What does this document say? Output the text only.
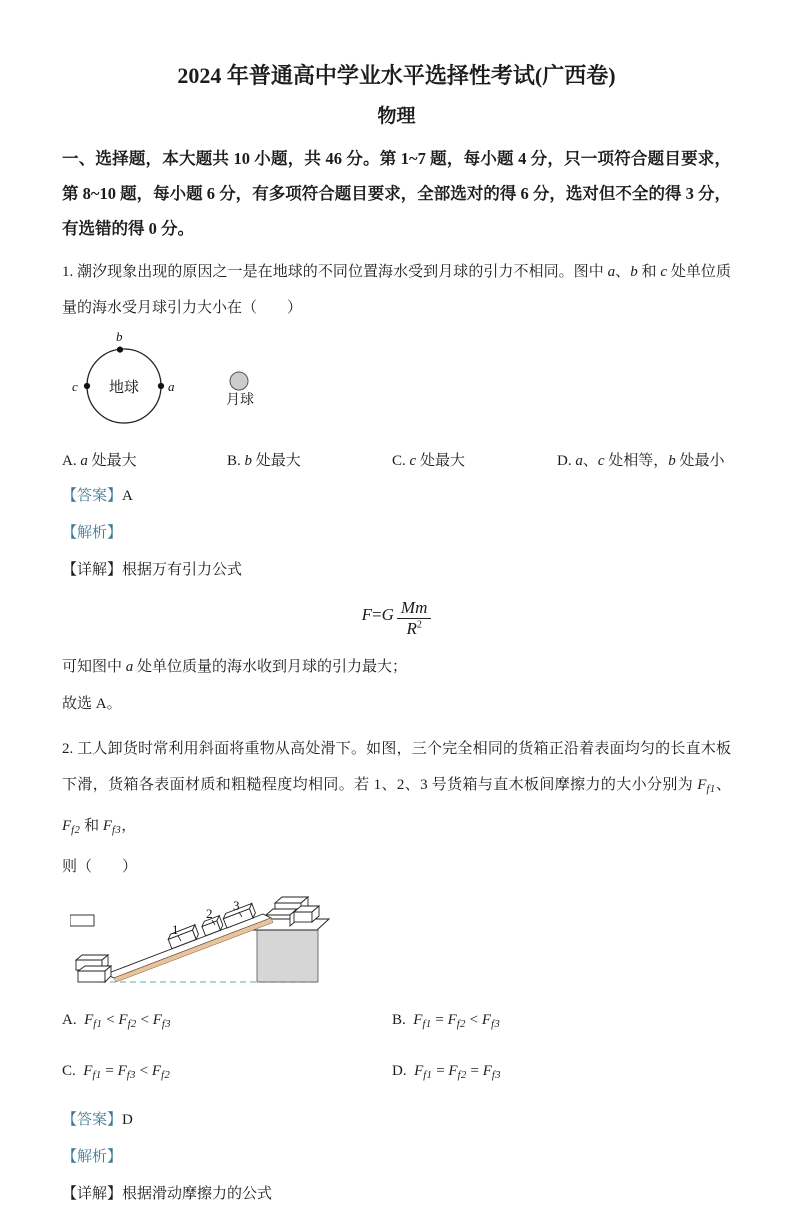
2024 年普通高中学业水平选择性考试(广西卷)
物理

一、选择题，本大题共 10 小题，共 46 分。第 1~7 题，每小题 4 分，只一项符合题目要求，第 8~10 题，每小题 6 分，有多项符合题目要求，全部选对的得 6 分，选对但不全的得 3 分，有选错的得 0 分。

1. 潮汐现象出现的原因之一是在地球的不同位置海水受到月球的引力不相同。图中 a、b 和 c 处单位质量的海水受月球引力大小在（　　）

地球
b
a
c
月球
A. a 处最大	B. b 处最大	C. c 处最大	D. a、c 处相等，b 处最小

【答案】A

【解析】

【详解】根据万有引力公式

$F=G \frac{Mm}{R^2}$

可知图中 a 处单位质量的海水收到月球的引力最大；

故选 A。

2. 工人卸货时常利用斜面将重物从高处滑下。如图，三个完全相同的货箱正沿着表面均匀的长直木板下滑，货箱各表面材质和粗糙程度均相同。若 1、2、3 号货箱与直木板间摩擦力的大小分别为 $F_{f1}$、$F_{f2}$ 和 $F_{f3}$，

则（　　）

1
2
3
A. $F_{f1} < F_{f2} < F_{f3}$	B. $F_{f1} = F_{f2} < F_{f3}$
C. $F_{f1} = F_{f3} < F_{f2}$	D. $F_{f1} = F_{f2} = F_{f3}$

【答案】D

【解析】

【详解】根据滑动摩擦力的公式
